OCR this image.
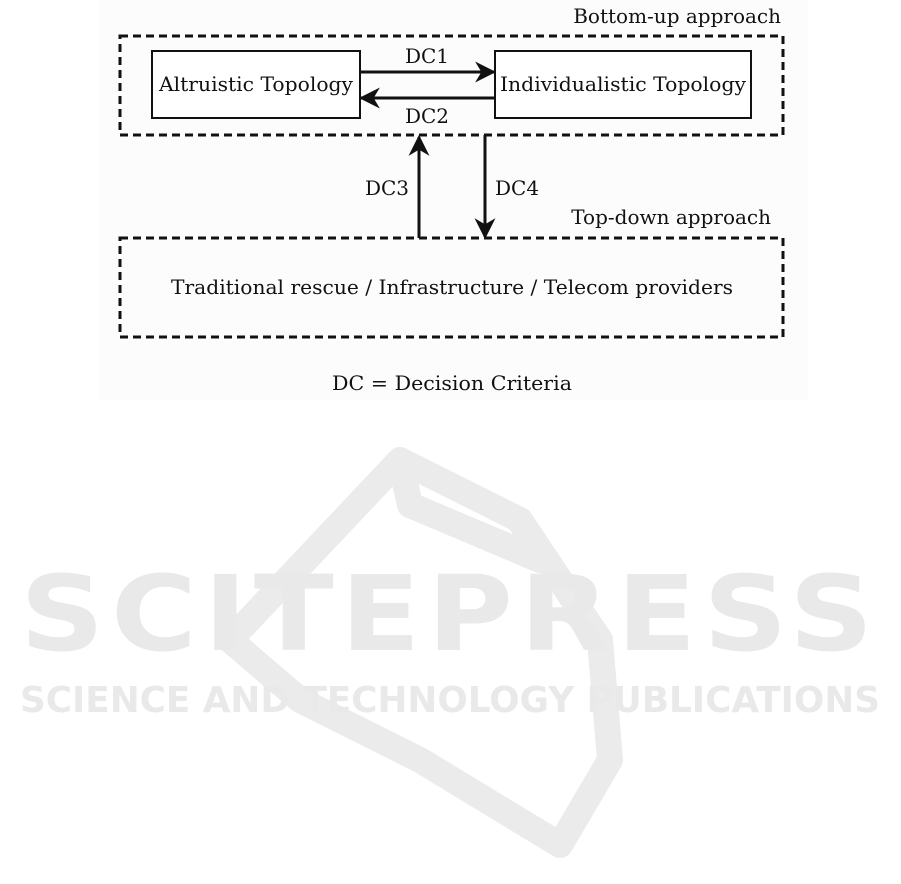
SCITEPRESS
SCIENCE AND TECHNOLOGY PUBLICATIONS
Bottom-up approach
Altruistic Topology	Individualistic Topology
DC1
DC2
DC3	DC4
Top-down approach
Traditional rescue / Infrastructure / Telecom providers
DC = Decision Criteria
